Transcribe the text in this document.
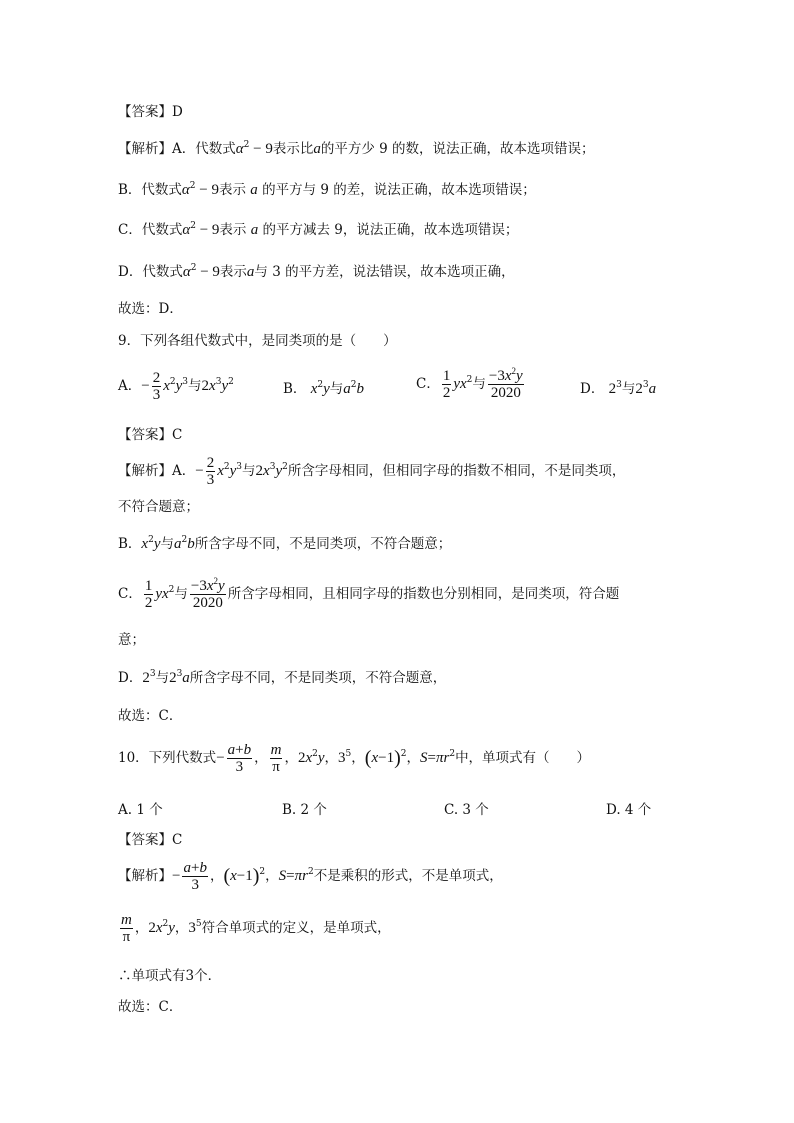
【答案】D
【解析】A．代数式$\alpha^2 - 9$表示比a的平方少 9 的数，说法正确，故本选项错误；
B．代数式$\alpha^2 - 9$表示 a 的平方与 9 的差，说法正确，故本选项错误；
C．代数式$\alpha^2 - 9$表示 a 的平方减去 9，说法正确，故本选项错误；
D．代数式$\alpha^2 - 9$表示a与 3 的平方差，说法错误，故本选项正确，
故选：D．
9．下列各组代数式中，是同类项的是（　　）
A．− $\frac{2}{3} x^2y^3$与$2x^3y^2$	B． $x^2y$与$a^2b$	C． $\frac{1}{2} yx^2$与 $\frac{-3x^2y}{2020}$	D． $2^3$与$2^3a$
【答案】C
【解析】A．− $\frac{2}{3} x^2y^3$与$2x^3y^2$所含字母相同，但相同字母的指数不相同，不是同类项，
不符合题意；
B．$x^2y$与$a^2b$所含字母不同，不是同类项，不符合题意；
C． $\frac{1}{2} yx^2$与 $\frac{-3x^2y}{2020}$ 所含字母相同，且相同字母的指数也分别相同，是同类项，符合题
意；
D．$2^3$与$2^3a$所含字母不同，不是同类项，不符合题意，
故选：C．
10．下列代数式− $\frac{a+b}{3}$ ， $\frac{m}{\pi}$ ，$2x^2y$，$3^5$，$(x-1)^2$，$S=\pi r^2$中，单项式有（　　）
A. 1 个	B. 2 个	C. 3 个	D. 4 个
【答案】C
【解析】− $\frac{a+b}{3}$ ，$(x-1)^2$，$S=\pi r^2$不是乘积的形式，不是单项式，
$\frac{m}{\pi}$ ，$2x^2y$，$3^5$符合单项式的定义，是单项式，
∴单项式有3个．
故选：C．
